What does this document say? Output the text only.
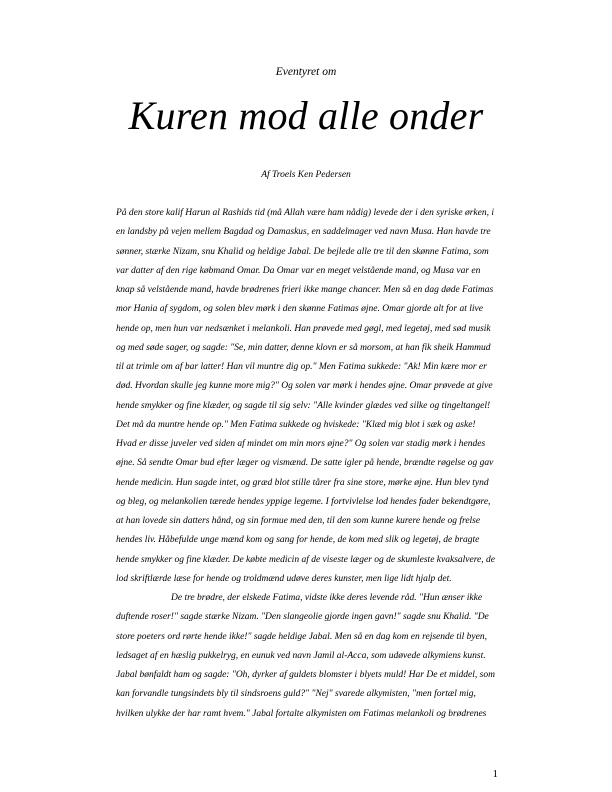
Eventyret om
Kuren mod alle onder
Af Troels Ken Pedersen
På den store kalif Harun al Rashids tid (må Allah være ham nådig) levede der i den syriske ørken, i
en landsby på vejen mellem Bagdad og Damaskus, en saddelmager ved navn Musa. Han havde tre
sønner, stærke Nizam, snu Khalid og heldige Jabal. De bejlede alle tre til den skønne Fatima, som
var datter af den rige købmand Omar. Da Omar var en meget velstående mand, og Musa var en
knap så velstående mand, havde brødrenes frieri ikke mange chancer. Men så en dag døde Fatimas
mor Hania af sygdom, og solen blev mørk i den skønne Fatimas øjne. Omar gjorde alt for at live
hende op, men hun var nedsænket i melankoli. Han prøvede med gøgl, med legetøj, med sød musik
og med søde sager, og sagde: "Se, min datter, denne klovn er så morsom, at han fik sheik Hammud
til at trimle om af bar latter! Han vil muntre dig op." Men Fatima sukkede: "Ak! Min kære mor er
død. Hvordan skulle jeg kunne more mig?" Og solen var mørk i hendes øjne. Omar prøvede at give
hende smykker og fine klæder, og sagde til sig selv: "Alle kvinder glædes ved silke og tingeltangel!
Det må da muntre hende op." Men Fatima sukkede og hviskede: "Klæd mig blot i sæk og aske!
Hvad er disse juveler ved siden af mindet om min mors øjne?" Og solen var stadig mørk i hendes
øjne. Så sendte Omar bud efter læger og vismænd. De satte igler på hende, brændte røgelse og gav
hende medicin. Hun sagde intet, og græd blot stille tårer fra sine store, mørke øjne. Hun blev tynd
og bleg, og melankolien tærede hendes yppige legeme. I fortvivlelse lod hendes fader bekendtgøre,
at han lovede sin datters hånd, og sin formue med den, til den som kunne kurere hende og frelse
hendes liv. Håbefulde unge mænd kom og sang for hende, de kom med slik og legetøj, de bragte
hende smykker og fine klæder. De købte medicin af de viseste læger og de skumleste kvaksalvere, de
lod skriftlærde læse for hende og troldmænd udøve deres kunster, men lige lidt hjalp det.
De tre brødre, der elskede Fatima, vidste ikke deres levende råd. "Hun ænser ikke
duftende roser!" sagde stærke Nizam. "Den slangeolie gjorde ingen gavn!" sagde snu Khalid. "De
store poeters ord rørte hende ikke!" sagde heldige Jabal. Men så en dag kom en rejsende til byen,
ledsaget af en hæslig pukkelryg, en eunuk ved navn Jamil al-Acca, som udøvede alkymiens kunst.
Jabal bønfaldt ham og sagde: "Oh, dyrker af guldets blomster i blyets muld! Har De et middel, som
kan forvandle tungsindets bly til sindsroens guld?" "Nej" svarede alkymisten, "men fortæl mig,
hvilken ulykke der har ramt hvem." Jabal fortalte alkymisten om Fatimas melankoli og brødrenes
1
